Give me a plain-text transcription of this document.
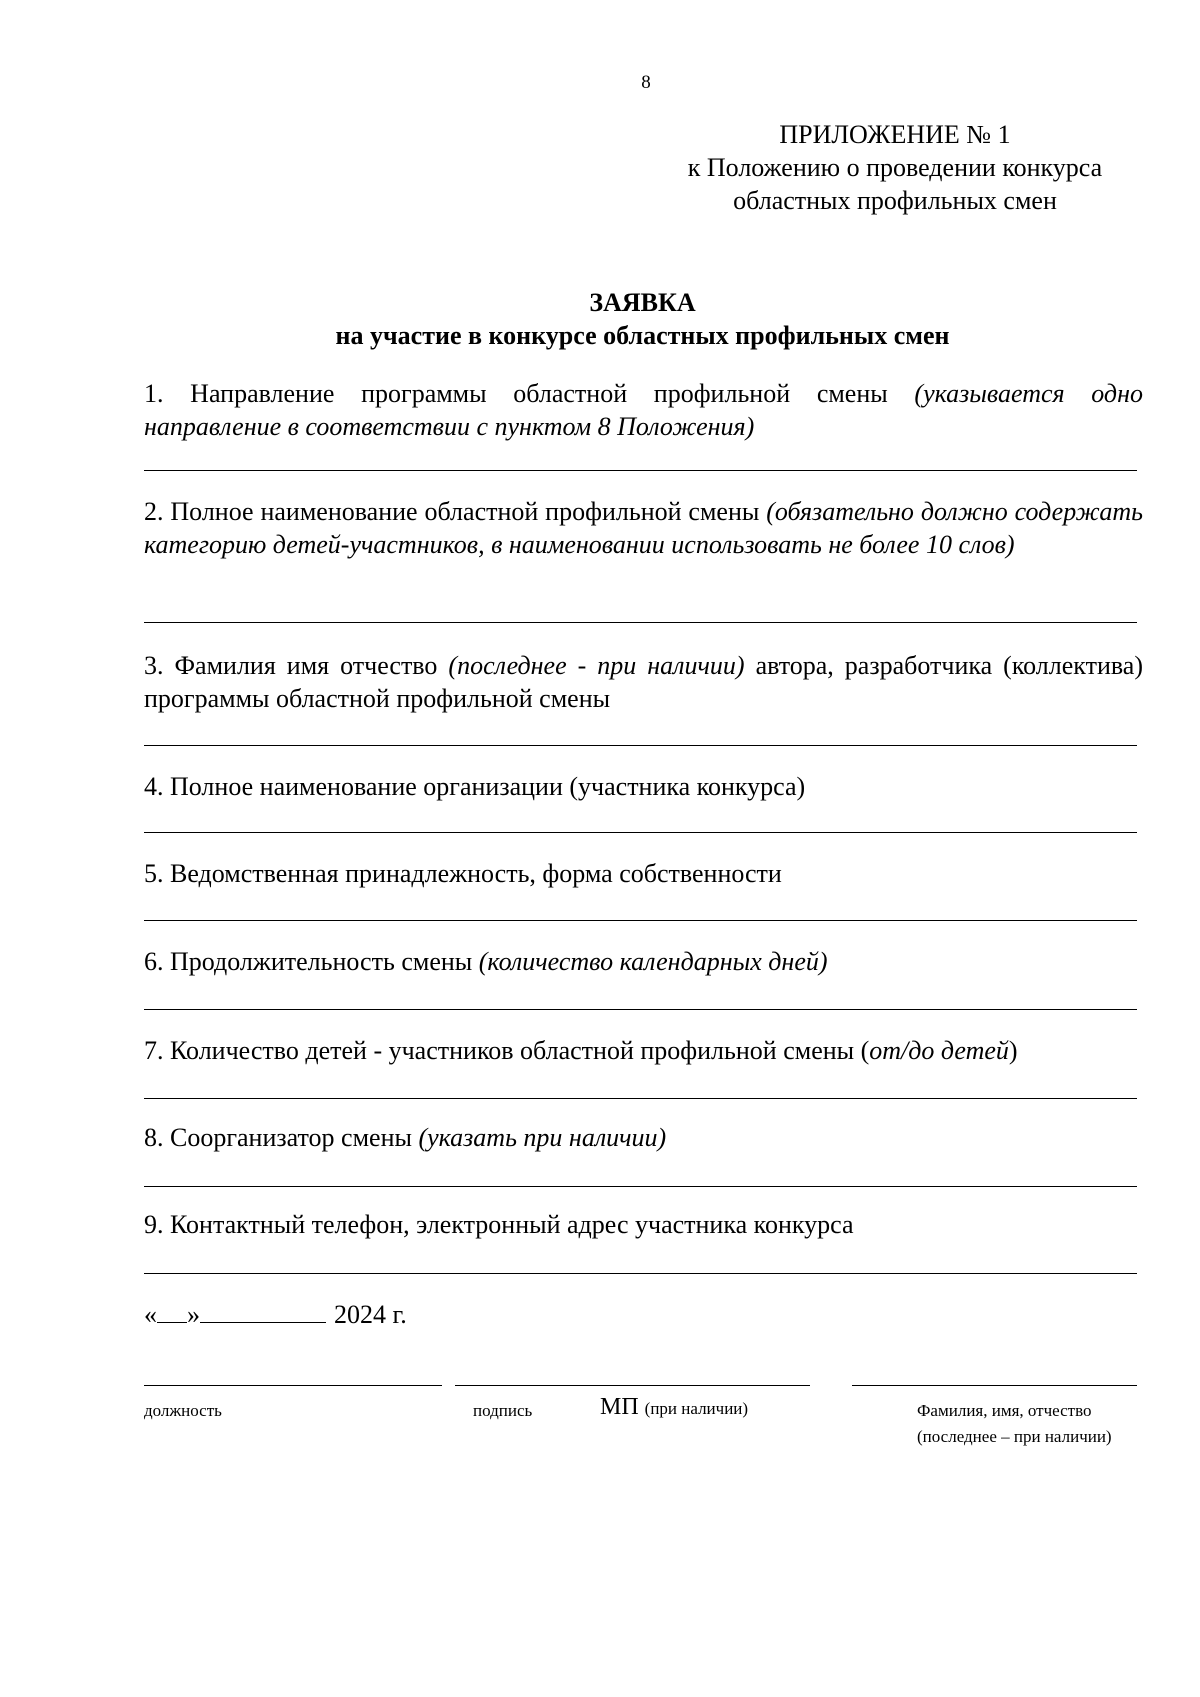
8
ПРИЛОЖЕНИЕ № 1
к Положению о проведении конкурса
областных профильных смен
ЗАЯВКА
на участие в конкурсе областных профильных смен
1. Направление программы областной профильной смены (указывается одно направление в соответствии с пунктом 8 Положения)
2. Полное наименование областной профильной смены (обязательно должно содержать категорию детей-участников, в наименовании использовать не более 10 слов)
3. Фамилия имя отчество (последнее - при наличии) автора, разработчика (коллектива) программы областной профильной смены
4. Полное наименование организации (участника конкурса)
5. Ведомственная принадлежность, форма собственности
6. Продолжительность смены (количество календарных дней)
7. Количество детей - участников областной профильной смены (от/до детей)
8. Соорганизатор смены (указать при наличии)
9. Контактный телефон, электронный адрес участника конкурса
« »	2024 г.
должность	подпись	МП (при наличии)	Фамилия, имя, отчество
(последнее – при наличии)
